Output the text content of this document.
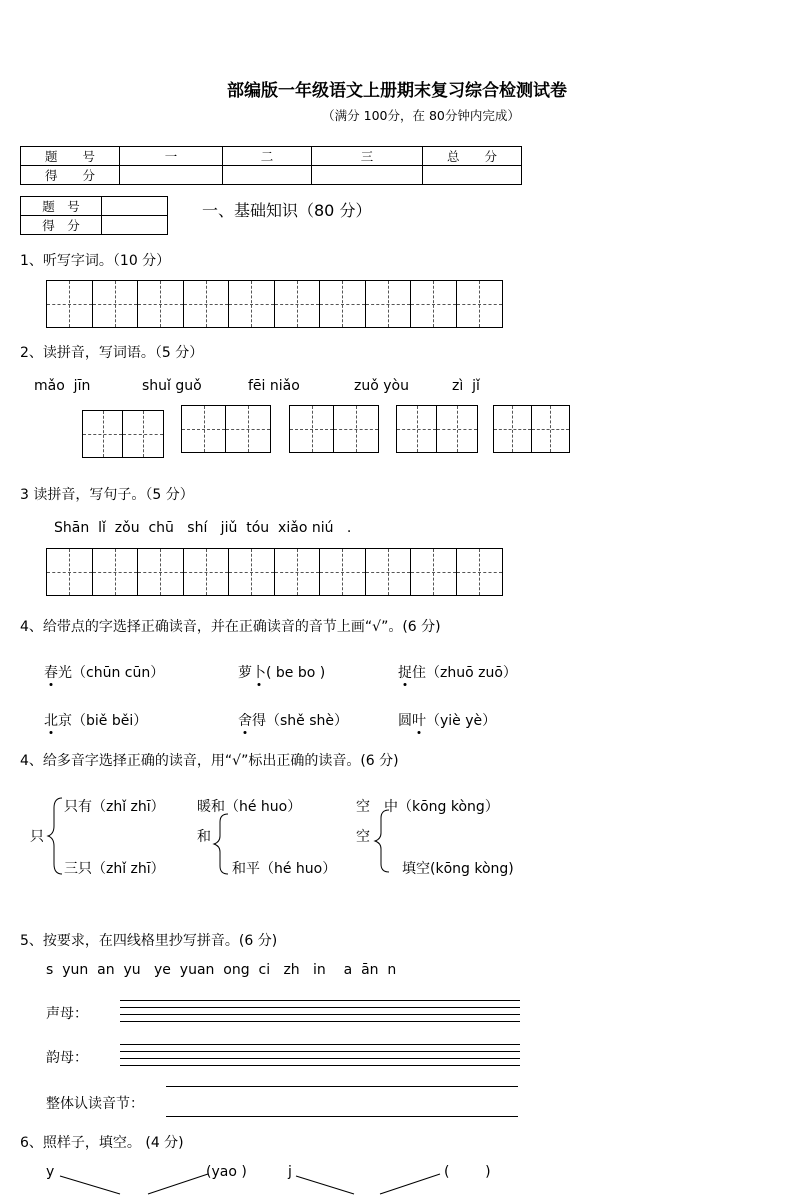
部编版一年级语文上册期末复习综合检测试卷
（满分 100分，在 80分钟内完成）
题　　号	一	二	三	总　　分
得　　分				
题　号	
得　分	
一、基础知识（80 分）
1、听写字词。（10 分）
2、读拼音，写词语。（5 分）
mǎo  jīn	shuǐ guǒ	fēi niǎo	zuǒ yòu	zì  jǐ
3 读拼音，写句子。（5 分）
Shān  lǐ  zǒu  chū   shí   jiǔ  tóu  xiǎo niú   .
4、给带点的字选择正确读音，并在正确读音的音节上画“√”。(6 分)
春光（chūn cūn）	萝卜( be bo )	捉住（zhuō zuō）
北京（biě běi）	舍得（shě shè）	圆叶（yiè yè）
4、给多音字选择正确的读音，用“√”标出正确的读音。(6 分)
只
只有（zhǐ zhī）
三只（zhǐ zhī）
暖和（hé huo）
和
和平（hé huo）
空 中（kōng kòng）
空
填空(kōng kòng)
5、按要求，在四线格里抄写拼音。(6 分)
s  yun  an  yu   ye  yuan  ong  ci   zh   in    a  ān  n
声母：
韵母：
整体认读音节：
6、照样子，填空。 (4 分)
y	(yao )	j	(        )
